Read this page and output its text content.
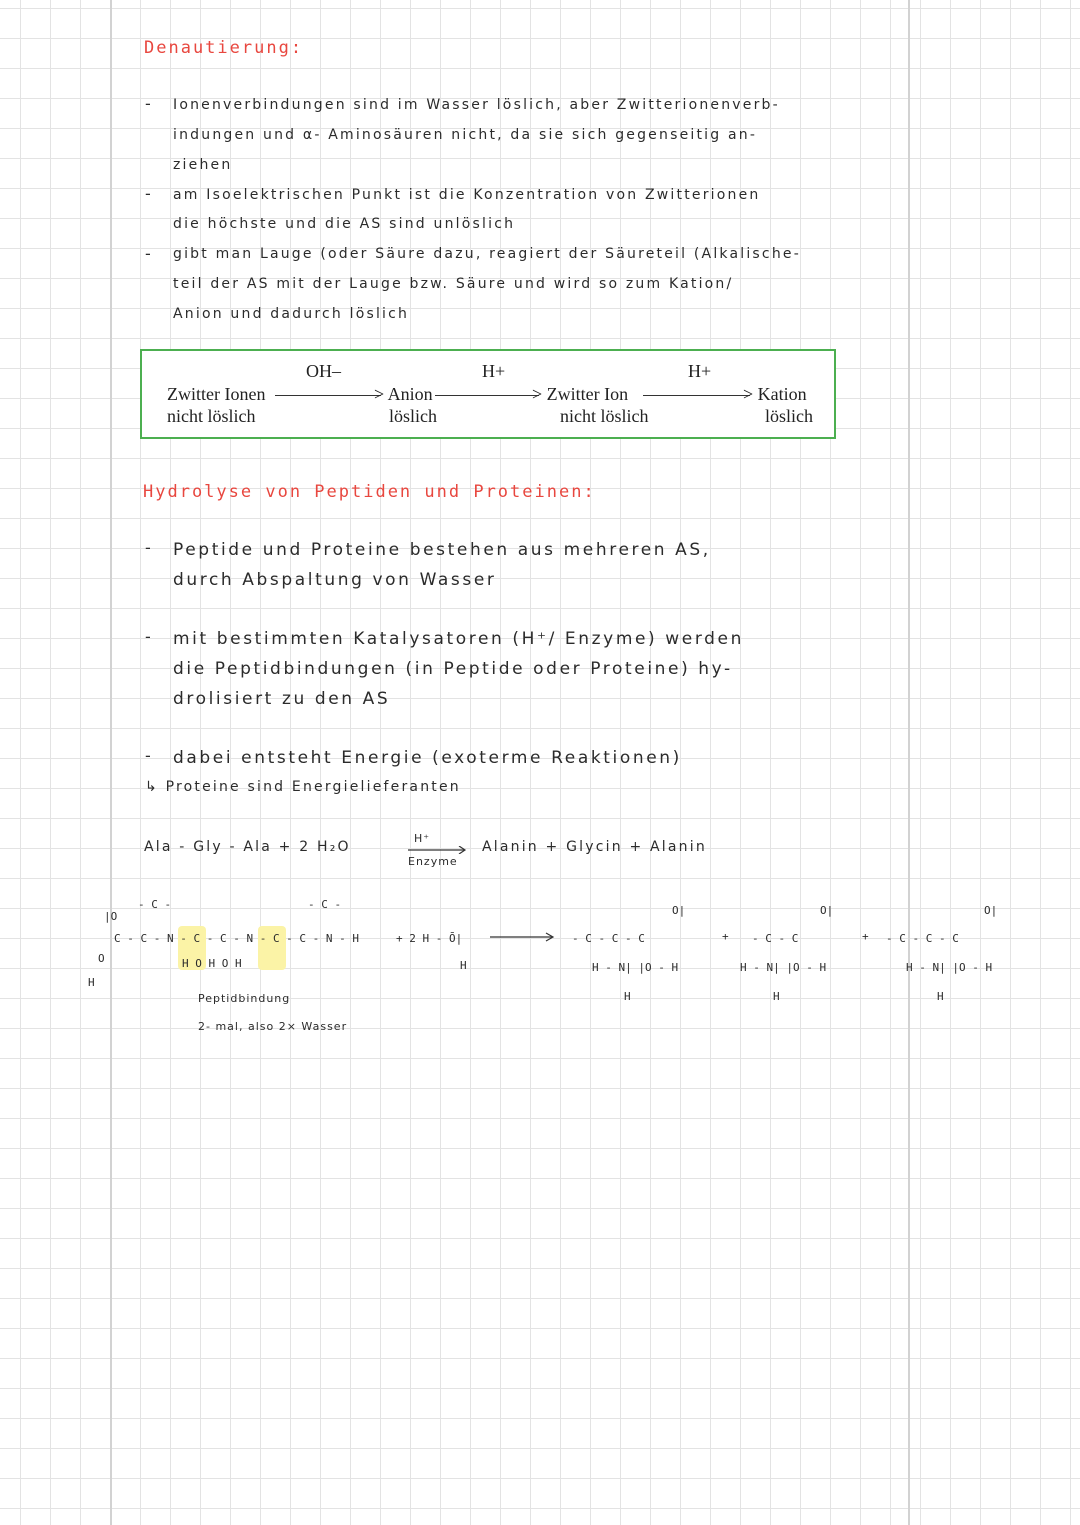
Denautierung:
- Ionenverbindungen sind im Wasser löslich, aber Zwitterionenverb-
indungen und α- Aminosäuren nicht, da sie sich gegenseitig an-
ziehen
- am Isoelektrischen Punkt ist die Konzentration von Zwitterionen
die höchste und die AS sind unlöslich
- gibt man Lauge (oder Säure dazu, reagiert der Säureteil (Alkalische-
teil der AS mit der Lauge bzw. Säure und wird so zum Kation/
Anion und dadurch löslich
OH–	H+	H+
Zwitter Ionen
nicht löslich
> Anion
löslich
> Zwitter Ion
nicht löslich
> Kation
löslich
Hydrolyse von Peptiden und Proteinen:
- Peptide und Proteine bestehen aus mehreren AS,
durch Abspaltung von Wasser
- mit bestimmten Katalysatoren (H⁺/ Enzyme) werden
die Peptidbindungen (in Peptide oder Proteine) hy-
drolisiert zu den AS
- dabei entsteht Energie (exoterme Reaktionen)
↳ Proteine sind Energielieferanten
Ala - Gly - Ala + 2 H₂O
H⁺
Enzyme
Alanin + Glycin + Alanin
- C -	- C -
|O
C - C - N - C - C - N - C - C - N - H
H O H O H
O
H
+ 2 H - Ō|
H
O|
- C - C - C
H - N| |O - H
H
+
O|
- C - C
H - N| |O - H
H
+
O|
- C - C - C
H - N| |O - H
H
Peptidbindung
2- mal, also 2× Wasser
